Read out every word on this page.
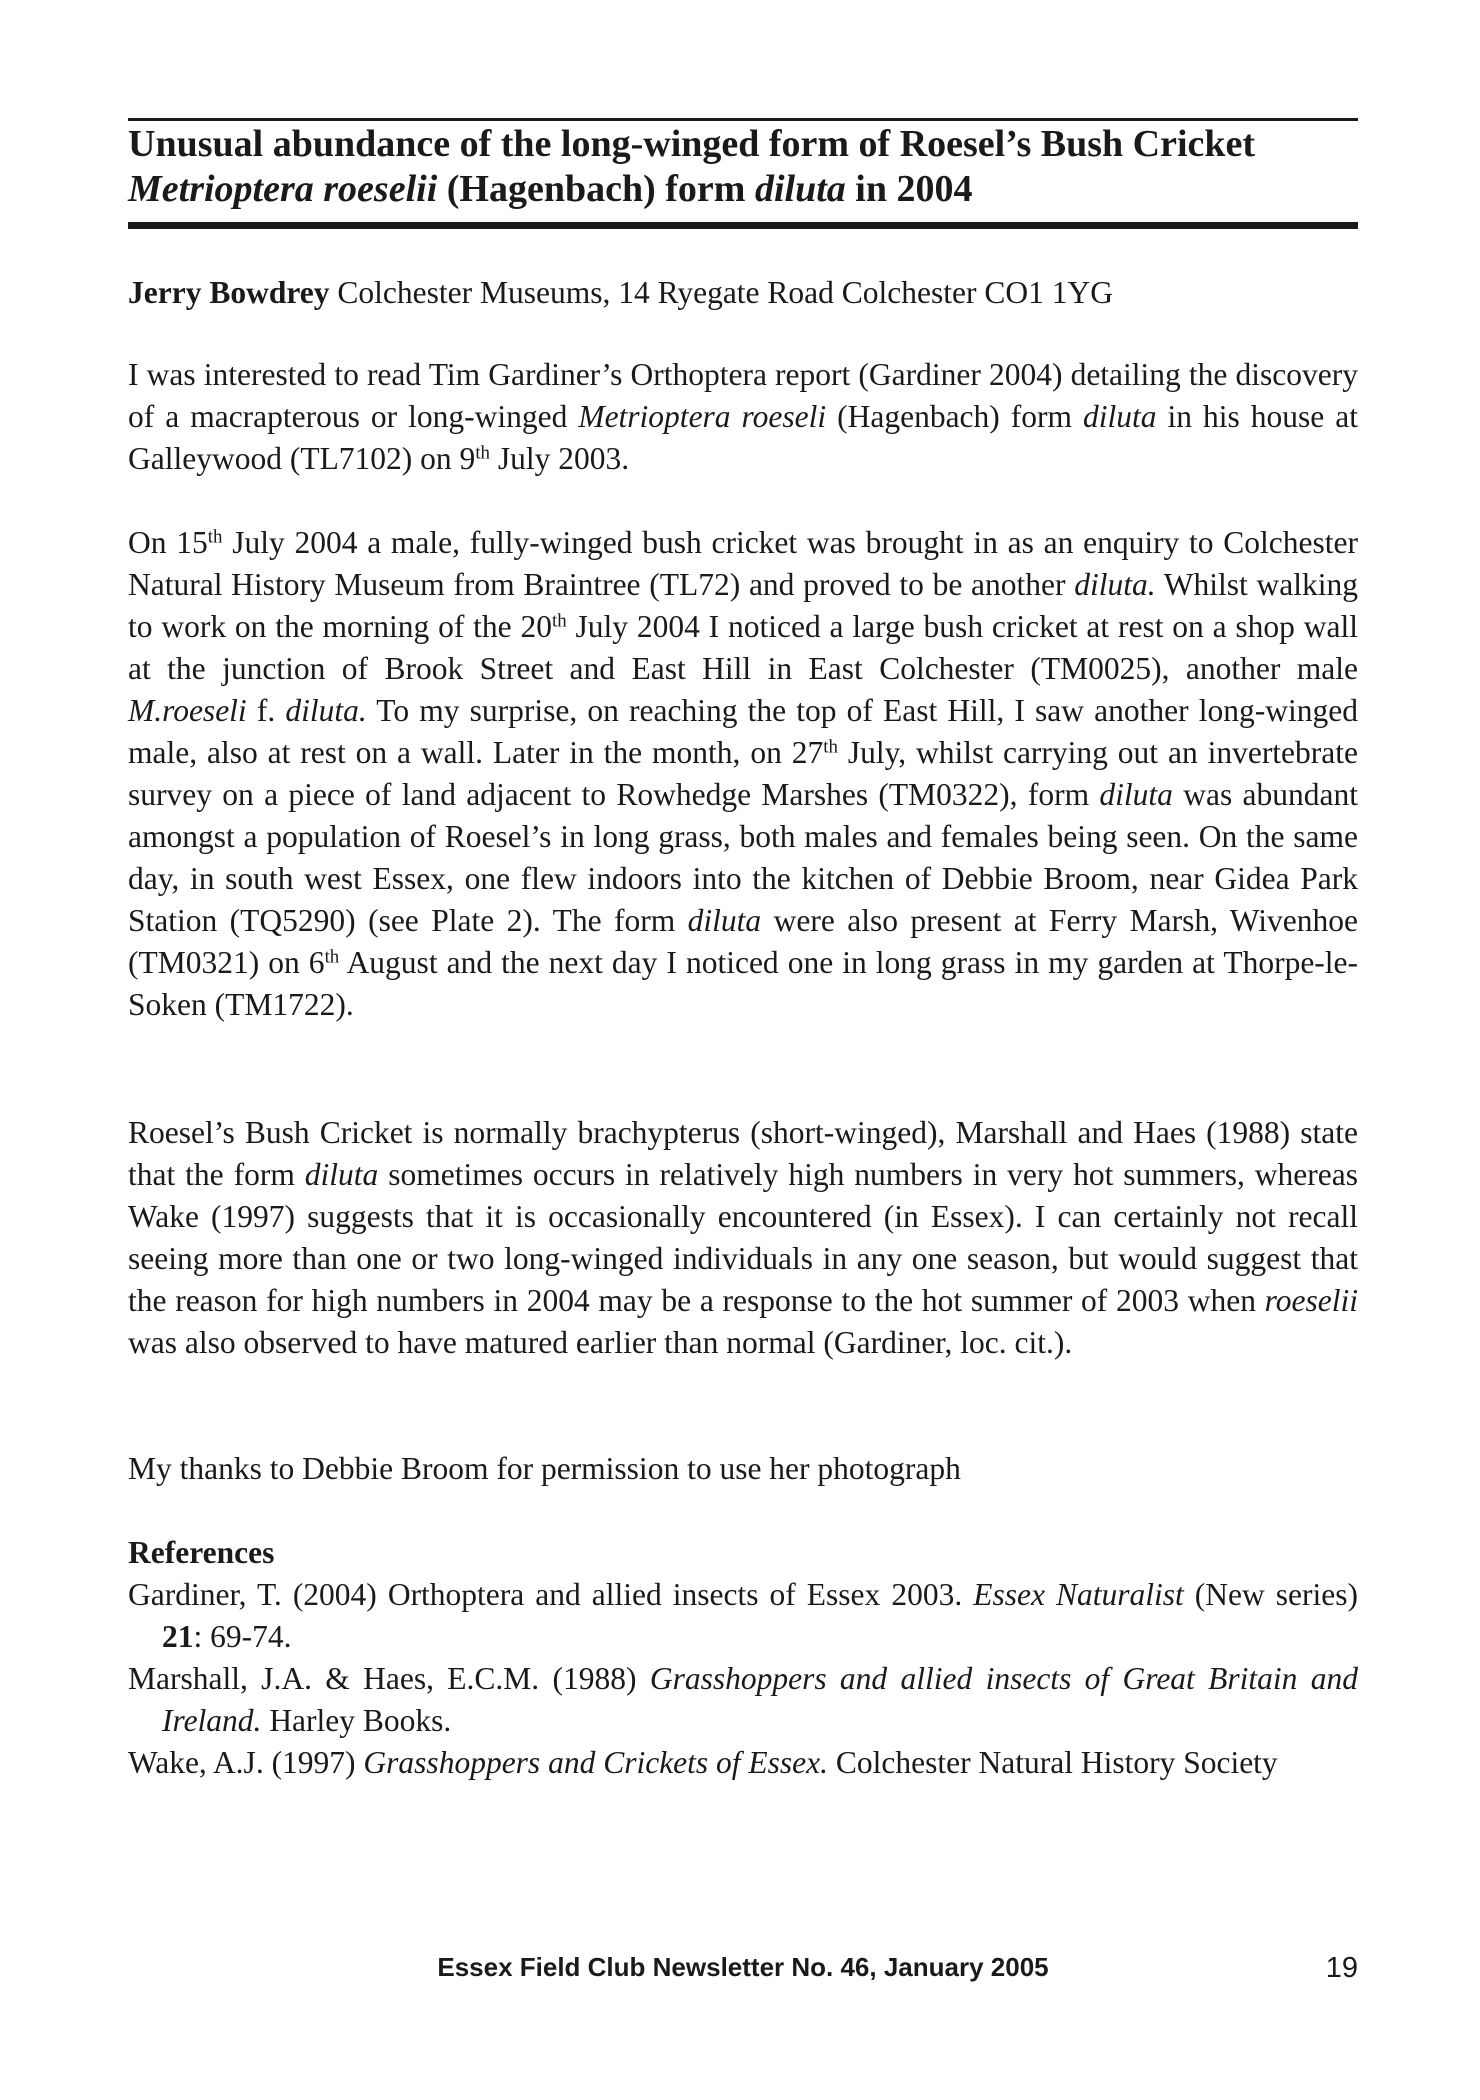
Unusual abundance of the long-winged form of Roesel’s Bush Cricket Metrioptera roeselii (Hagenbach) form diluta in 2004

Jerry Bowdrey Colchester Museums, 14 Ryegate Road Colchester CO1 1YG

I was interested to read Tim Gardiner’s Orthoptera report (Gardiner 2004) detailing the discovery of a macrapterous or long-winged Metrioptera roeseli (Hagenbach) form diluta in his house at Galleywood (TL7102) on 9th July 2003.

On 15th July 2004 a male, fully-winged bush cricket was brought in as an enquiry to Colchester Natural History Museum from Braintree (TL72) and proved to be another diluta. Whilst walking to work on the morning of the 20th July 2004 I noticed a large bush cricket at rest on a shop wall at the junction of Brook Street and East Hill in East Colchester (TM0025), another male M.roeseli f. diluta. To my surprise, on reaching the top of East Hill, I saw another long-winged male, also at rest on a wall. Later in the month, on 27th July, whilst carrying out an invertebrate survey on a piece of land adjacent to Rowhedge Marshes (TM0322), form diluta was abundant amongst a population of Roesel’s in long grass, both males and females being seen. On the same day, in south west Essex, one flew indoors into the kitchen of Debbie Broom, near Gidea Park Station (TQ5290) (see Plate 2). The form diluta were also present at Ferry Marsh, Wivenhoe (TM0321) on 6th August and the next day I noticed one in long grass in my garden at Thorpe-le-Soken (TM1722).

Roesel’s Bush Cricket is normally brachypterus (short-winged), Marshall and Haes (1988) state that the form diluta sometimes occurs in relatively high numbers in very hot summers, whereas Wake (1997) suggests that it is occasionally encountered (in Essex). I can certainly not recall seeing more than one or two long-winged individuals in any one season, but would suggest that the reason for high numbers in 2004 may be a response to the hot summer of 2003 when roeselii was also observed to have matured earlier than normal (Gardiner, loc. cit.).

My thanks to Debbie Broom for permission to use her photograph

References
Gardiner, T. (2004) Orthoptera and allied insects of Essex 2003. Essex Naturalist (New series) 21: 69-74.
Marshall, J.A. & Haes, E.C.M. (1988) Grasshoppers and allied insects of Great Britain and Ireland. Harley Books.
Wake, A.J. (1997) Grasshoppers and Crickets of Essex. Colchester Natural History Society
Essex Field Club Newsletter No. 46, January 2005	19
